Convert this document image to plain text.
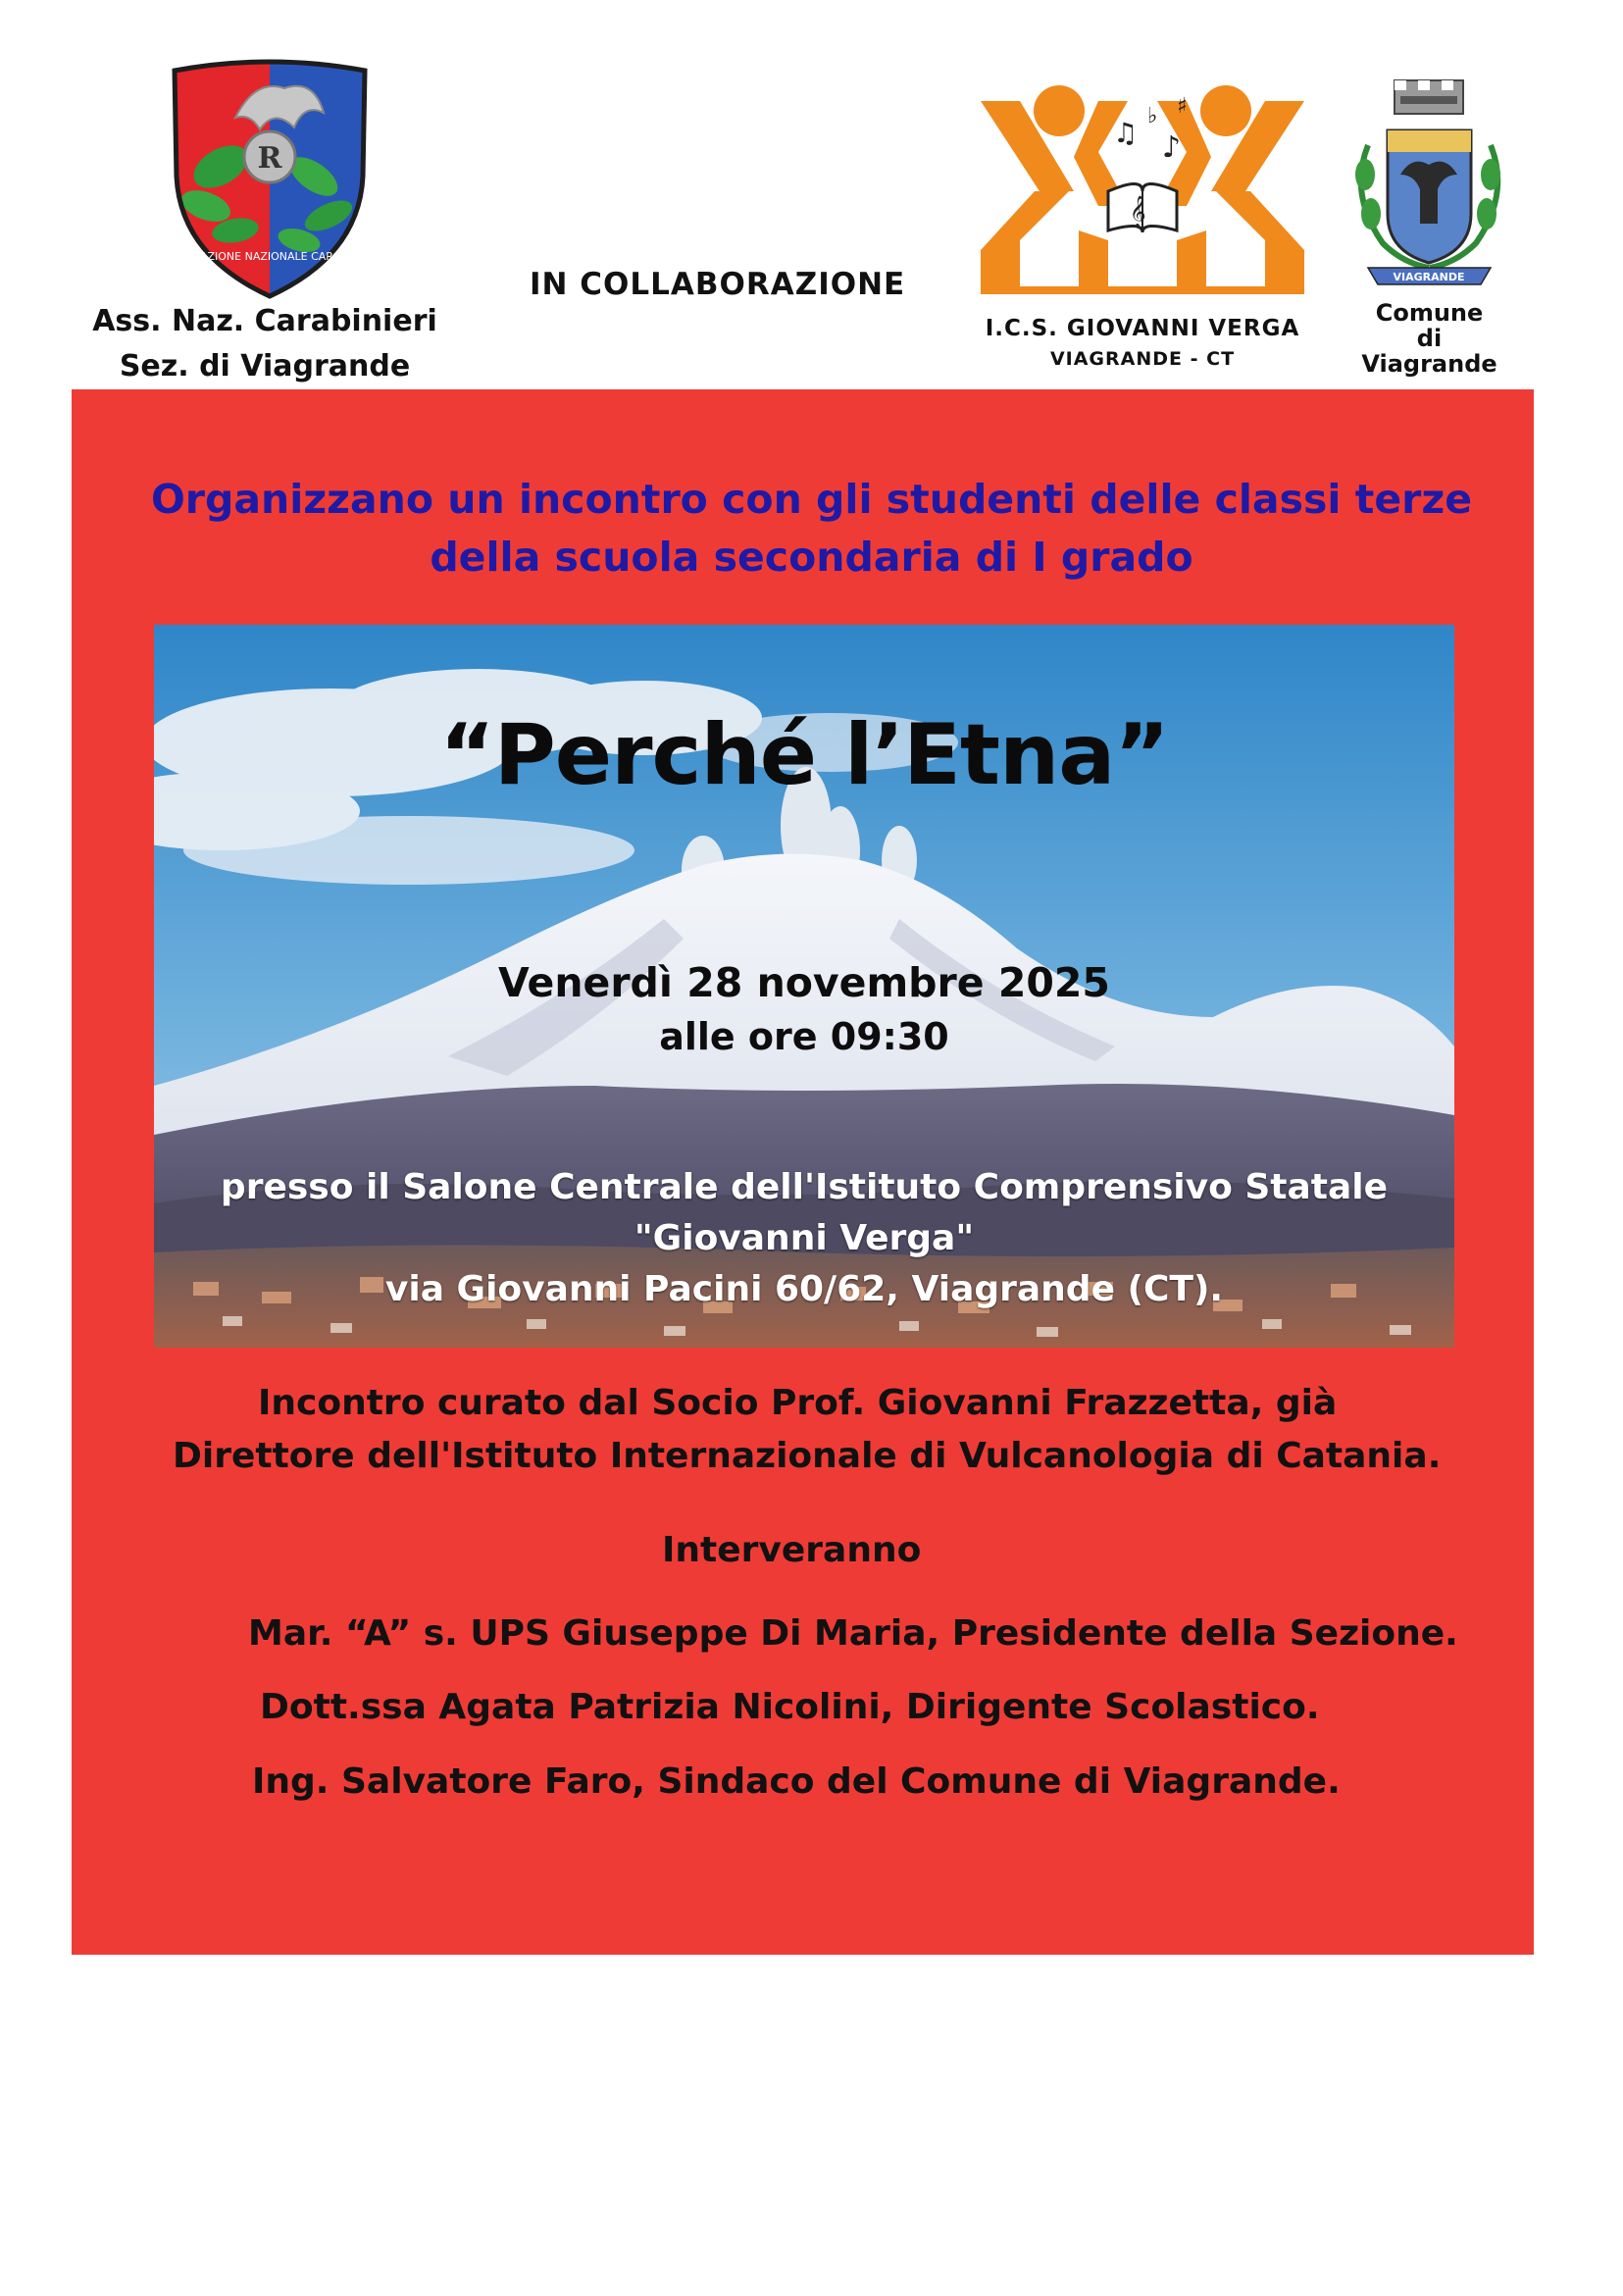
R
ASSOCIAZIONE NAZIONALE CARABINIERI
Ass. Naz. Carabinieri
Sez. di Viagrande
IN COLLABORAZIONE
𝄞
♫
♭ ♯
♪
I.C.S. GIOVANNI VERGA
VIAGRANDE - CT
VIAGRANDE
Comune
di
Viagrande
Organizzano un incontro con gli studenti delle classi terze
della scuola secondaria di I grado
“Perché l’Etna”
Venerdì 28 novembre 2025
alle ore 09:30
presso il Salone Centrale dell'Istituto Comprensivo Statale
"Giovanni Verga"
via Giovanni Pacini 60/62, Viagrande (CT).
Incontro curato dal Socio Prof. Giovanni Frazzetta, già
Direttore dell'Istituto Internazionale di Vulcanologia di Catania.
Interveranno
Mar. “A” s. UPS Giuseppe Di Maria, Presidente della Sezione.
Dott.ssa Agata Patrizia Nicolini, Dirigente Scolastico.
Ing. Salvatore Faro, Sindaco del Comune di Viagrande.
